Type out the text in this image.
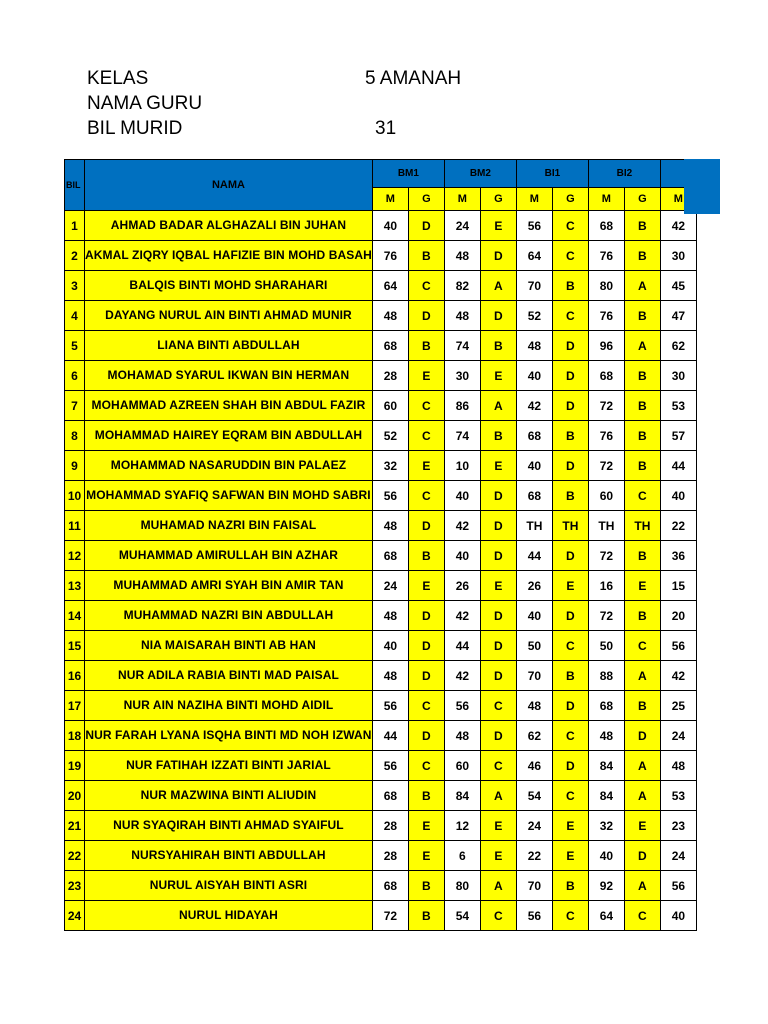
KELAS	5 AMANAH
NAMA GURU
BIL MURID	31
BIL	NAMA	BM1		BM2		BI1		BI2	
		M	G	M	G	M	G	M	G	M
1	AHMAD BADAR ALGHAZALI BIN JUHAN	40	D	24	E	56	C	68	B	42
2	AKMAL ZIQRY IQBAL HAFIZIE BIN MOHD BASAH	76	B	48	D	64	C	76	B	30
3	BALQIS BINTI MOHD SHARAHARI	64	C	82	A	70	B	80	A	45
4	DAYANG NURUL AIN BINTI AHMAD MUNIR	48	D	48	D	52	C	76	B	47
5	LIANA BINTI ABDULLAH	68	B	74	B	48	D	96	A	62
6	MOHAMAD SYARUL IKWAN BIN HERMAN	28	E	30	E	40	D	68	B	30
7	MOHAMMAD AZREEN SHAH BIN ABDUL FAZIR	60	C	86	A	42	D	72	B	53
8	MOHAMMAD HAIREY EQRAM BIN ABDULLAH	52	C	74	B	68	B	76	B	57
9	MOHAMMAD NASARUDDIN BIN PALAEZ	32	E	10	E	40	D	72	B	44
10	MOHAMMAD SYAFIQ SAFWAN BIN MOHD SABRI	56	C	40	D	68	B	60	C	40
11	MUHAMAD NAZRI BIN FAISAL	48	D	42	D	TH	TH	TH	TH	22
12	MUHAMMAD AMIRULLAH BIN AZHAR	68	B	40	D	44	D	72	B	36
13	MUHAMMAD AMRI SYAH BIN AMIR TAN	24	E	26	E	26	E	16	E	15
14	MUHAMMAD NAZRI BIN ABDULLAH	48	D	42	D	40	D	72	B	20
15	NIA MAISARAH BINTI AB HAN	40	D	44	D	50	C	50	C	56
16	NUR ADILA RABIA BINTI MAD PAISAL	48	D	42	D	70	B	88	A	42
17	NUR AIN NAZIHA BINTI MOHD AIDIL	56	C	56	C	48	D	68	B	25
18	NUR FARAH LYANA ISQHA BINTI MD NOH IZWAN	44	D	48	D	62	C	48	D	24
19	NUR FATIHAH IZZATI BINTI JARIAL	56	C	60	C	46	D	84	A	48
20	NUR MAZWINA BINTI ALIUDIN	68	B	84	A	54	C	84	A	53
21	NUR SYAQIRAH BINTI AHMAD SYAIFUL	28	E	12	E	24	E	32	E	23
22	NURSYAHIRAH BINTI ABDULLAH	28	E	6	E	22	E	40	D	24
23	NURUL AISYAH BINTI ASRI	68	B	80	A	70	B	92	A	56
24	NURUL HIDAYAH	72	B	54	C	56	C	64	C	40
